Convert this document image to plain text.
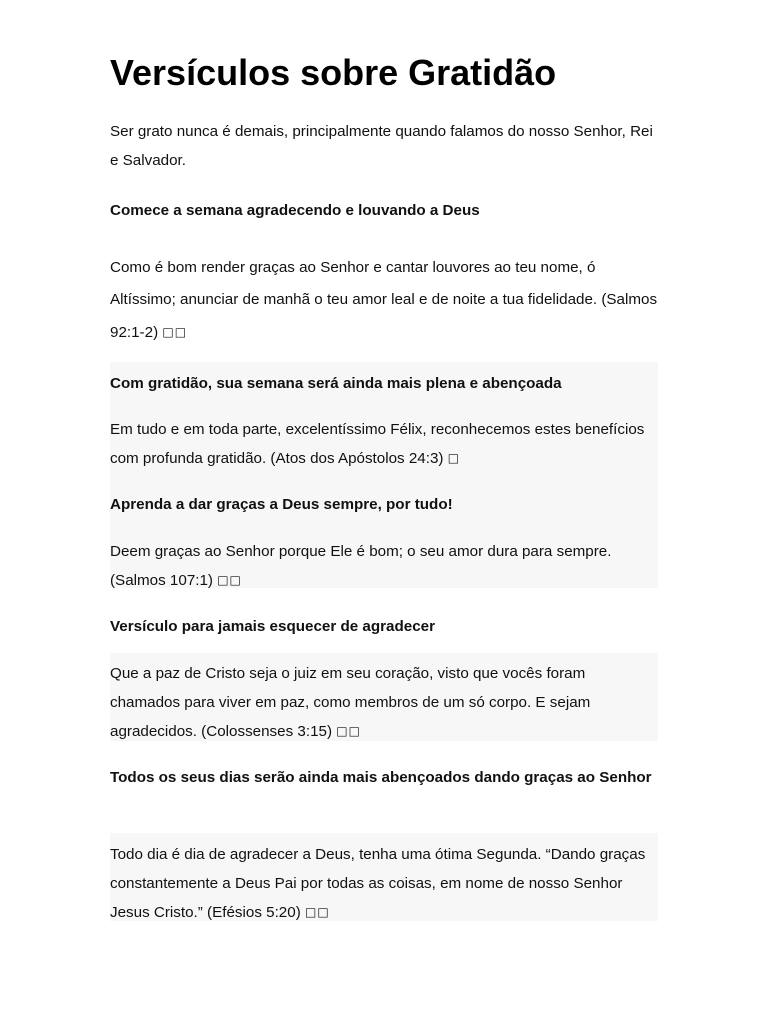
Versículos sobre Gratidão

Ser grato nunca é demais, principalmente quando falamos do nosso Senhor, Rei e Salvador.

Comece a semana agradecendo e louvando a Deus

Como é bom render graças ao Senhor e cantar louvores ao teu nome, ó Altíssimo; anunciar de manhã o teu amor leal e de noite a tua fidelidade. (Salmos 92:1-2) □□

Com gratidão, sua semana será ainda mais plena e abençoada

Em tudo e em toda parte, excelentíssimo Félix, reconhecemos estes benefícios com profunda gratidão. (Atos dos Apóstolos 24:3) □

Aprenda a dar graças a Deus sempre, por tudo!

Deem graças ao Senhor porque Ele é bom; o seu amor dura para sempre. (Salmos 107:1) □□

Versículo para jamais esquecer de agradecer

Que a paz de Cristo seja o juiz em seu coração, visto que vocês foram chamados para viver em paz, como membros de um só corpo. E sejam agradecidos. (Colossenses 3:15) □□

Todos os seus dias serão ainda mais abençoados dando graças ao Senhor

Todo dia é dia de agradecer a Deus, tenha uma ótima Segunda. “Dando graças constantemente a Deus Pai por todas as coisas, em nome de nosso Senhor Jesus Cristo.” (Efésios 5:20) □□
